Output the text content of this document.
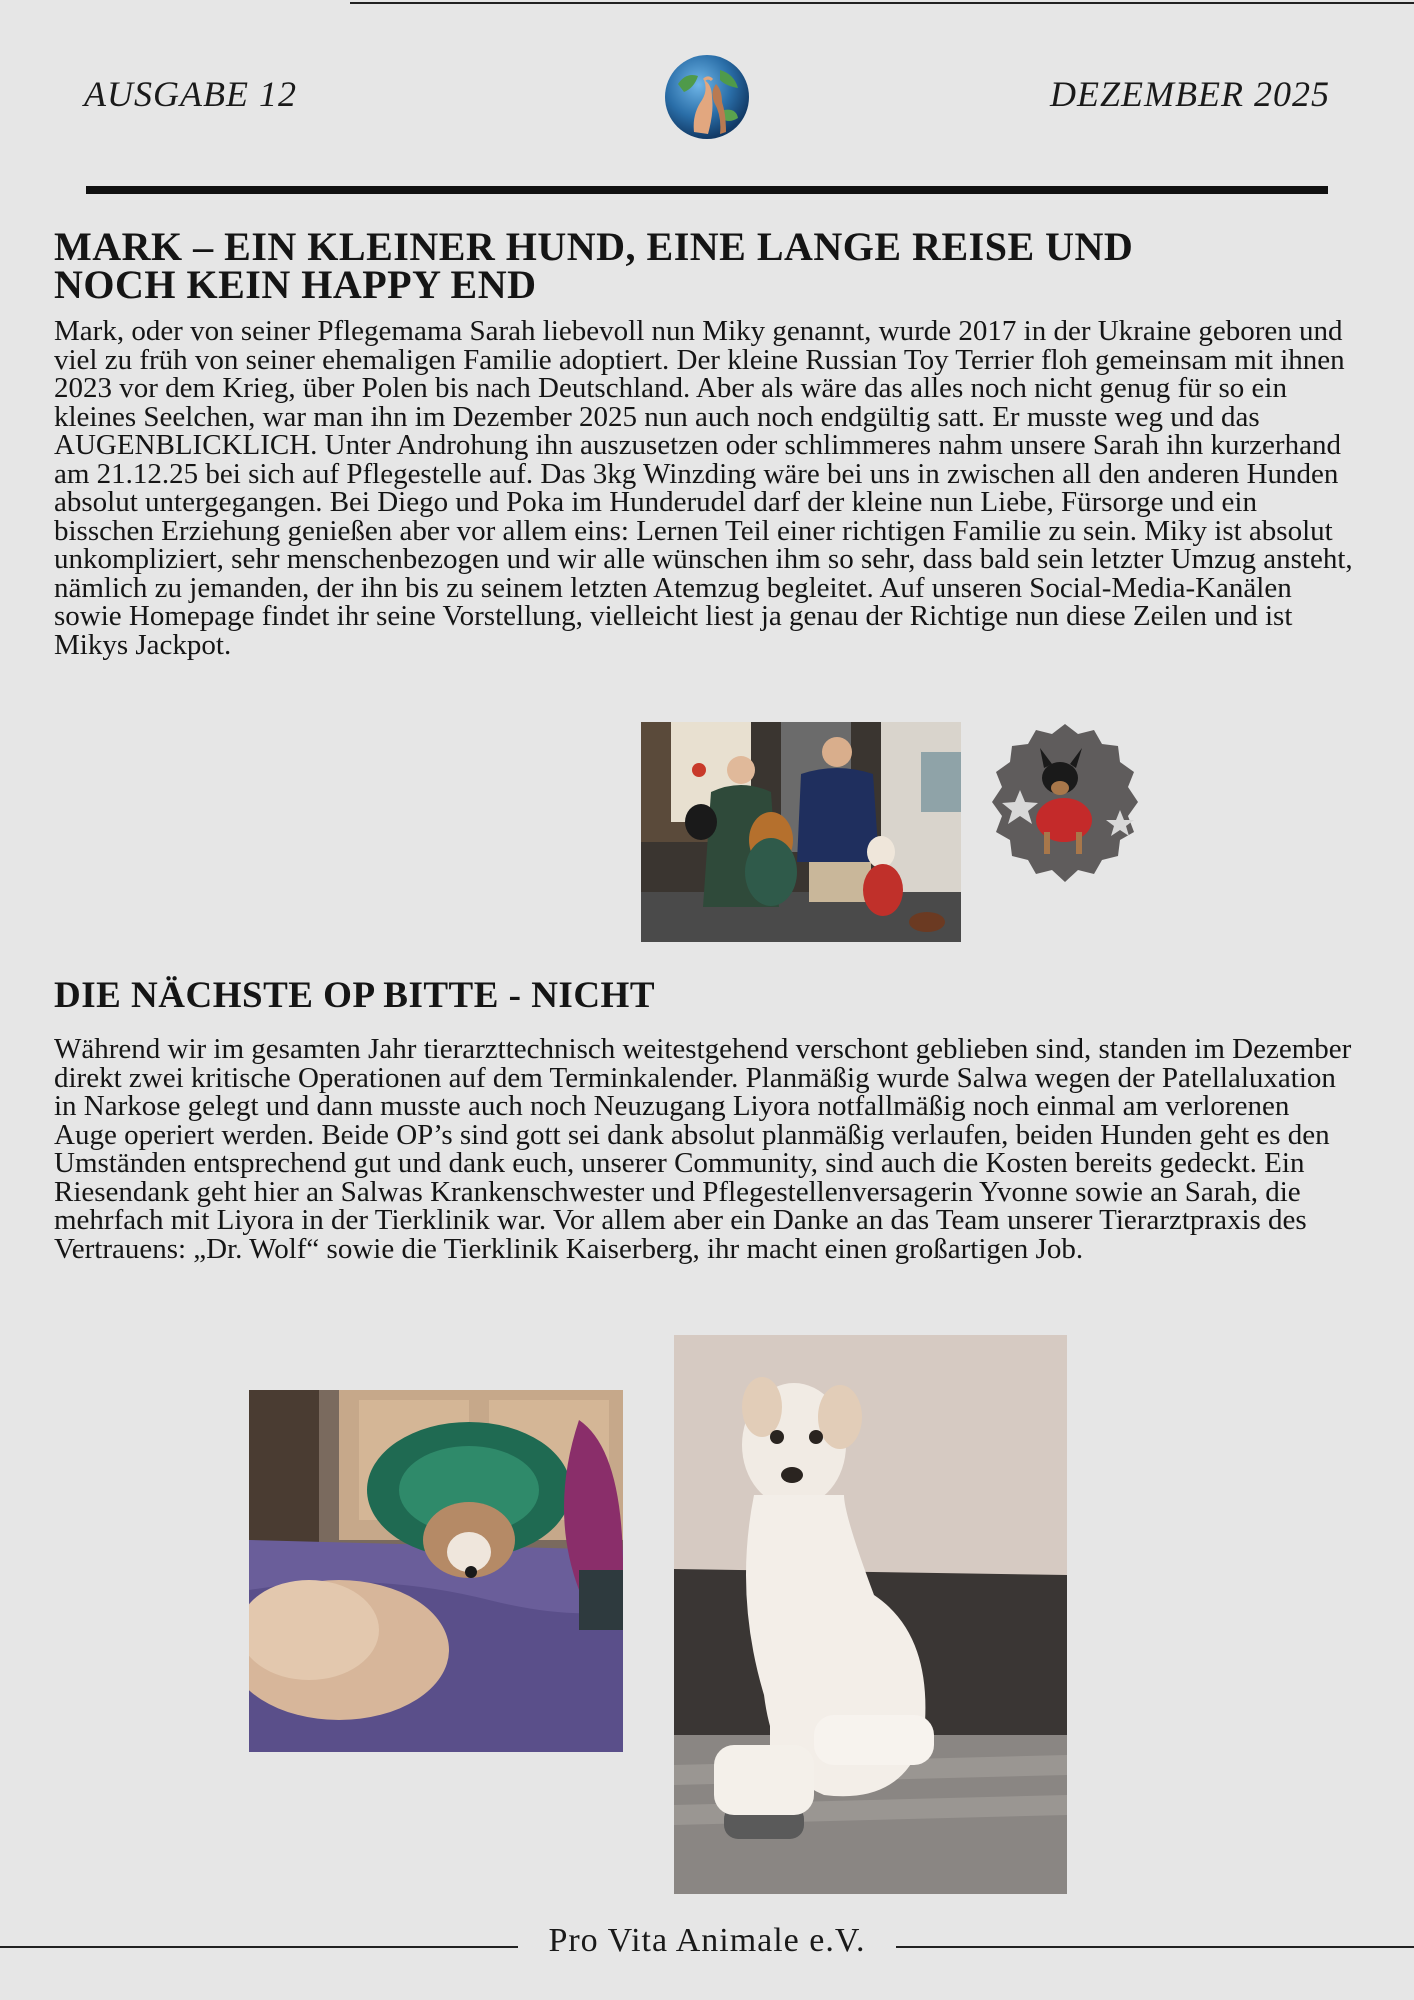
AUSGABE 12	DEZEMBER 2025
MARK – EIN KLEINER HUND, EINE LANGE REISE UND NOCH KEIN HAPPY END

Mark, oder von seiner Pflegemama Sarah liebevoll nun Miky genannt, wurde 2017 in der Ukraine geboren und viel zu früh von seiner ehemaligen Familie adoptiert. Der kleine Russian Toy Terrier floh gemeinsam mit ihnen 2023 vor dem Krieg, über Polen bis nach Deutschland. Aber als wäre das alles noch nicht genug für so ein kleines Seelchen, war man ihn im Dezember 2025 nun auch noch endgültig satt. Er musste weg und das AUGENBLICKLICH. Unter Androhung ihn auszusetzen oder schlimmeres nahm unsere Sarah ihn kurzerhand am 21.12.25 bei sich auf Pflegestelle auf. Das 3kg Winzding wäre bei uns in zwischen all den anderen Hunden absolut untergegangen. Bei Diego und Poka im Hunderudel darf der kleine nun Liebe, Fürsorge und ein bisschen Erziehung genießen aber vor allem eins: Lernen Teil einer richtigen Familie zu sein. Miky ist absolut unkompliziert, sehr menschenbezogen und wir alle wünschen ihm so sehr, dass bald sein letzter Umzug ansteht, nämlich zu jemanden, der ihn bis zu seinem letzten Atemzug begleitet. Auf unseren Social-Media-Kanälen sowie Homepage findet ihr seine Vorstellung, vielleicht liest ja genau der Richtige nun diese Zeilen und ist Mikys Jackpot.

DIE NÄCHSTE OP BITTE - NICHT

Während wir im gesamten Jahr tierarzttechnisch weitestgehend verschont geblieben sind, standen im Dezember direkt zwei kritische Operationen auf dem Terminkalender. Planmäßig wurde Salwa wegen der Patellaluxation in Narkose gelegt und dann musste auch noch Neuzugang Liyora notfallmäßig noch einmal am verlorenen Auge operiert werden. Beide OP’s sind gott sei dank absolut planmäßig verlaufen, beiden Hunden geht es den Umständen entsprechend gut und dank euch, unserer Community, sind auch die Kosten bereits gedeckt. Ein Riesendank geht hier an Salwas Krankenschwester und Pflegestellenversagerin Yvonne sowie an Sarah, die mehrfach mit Liyora in der Tierklinik war. Vor allem aber ein Danke an das Team unserer Tierarztpraxis des Vertrauens: „Dr. Wolf“ sowie die Tierklinik Kaiserberg, ihr macht einen großartigen Job.

Pro Vita Animale e.V.
